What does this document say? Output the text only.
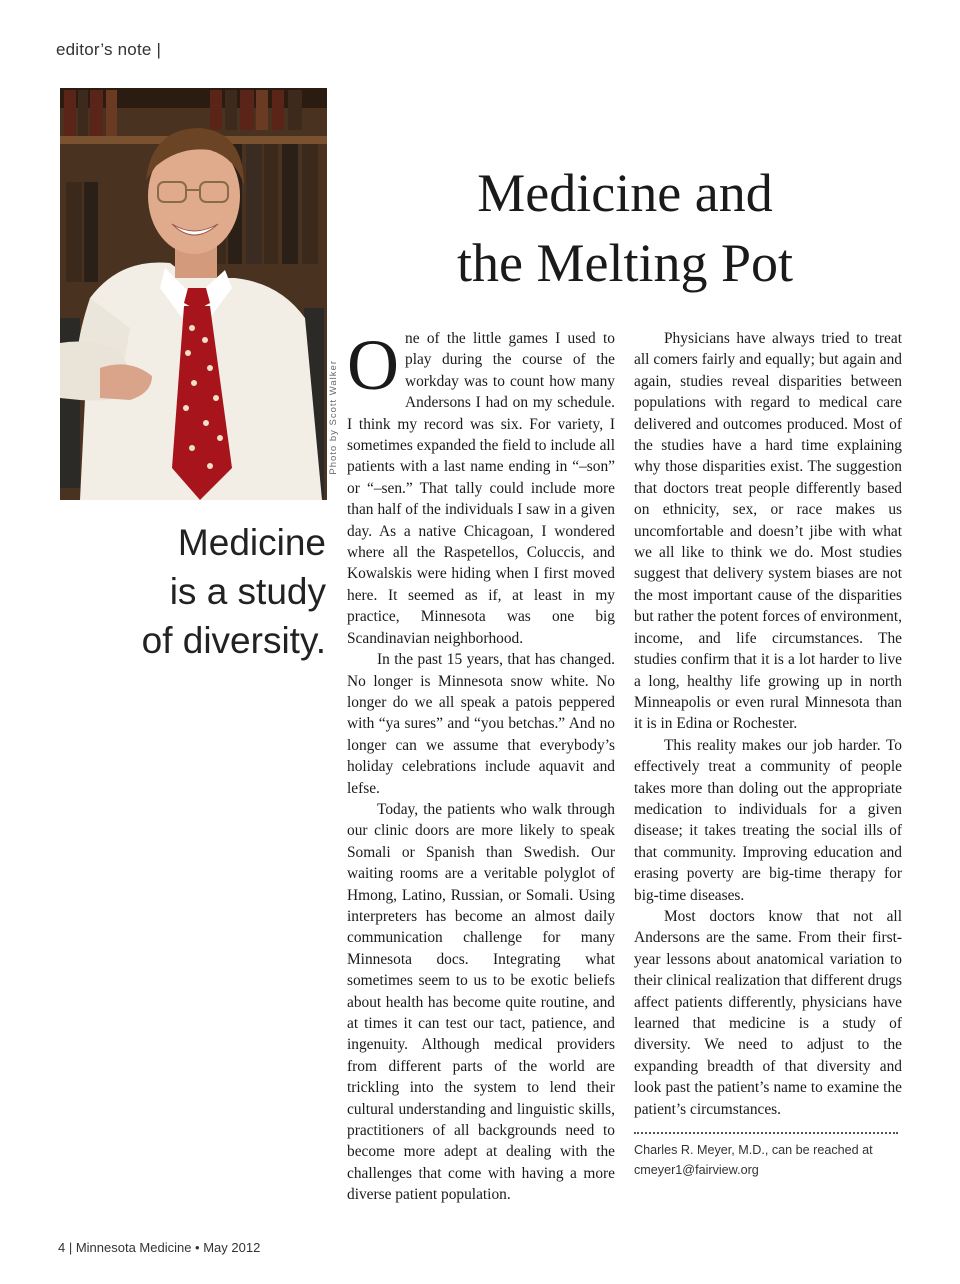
editor’s note |
Photo by Scott Walker
Medicine and
the Melting Pot

Medicine
is a study
of diversity.

One of the little games I used to play during the course of the workday was to count how many Andersons I had on my schedule. I think my record was six. For variety, I sometimes expanded the field to include all patients with a last name ending in “–son” or “–sen.” That tally could include more than half of the individuals I saw in a given day. As a native Chicagoan, I wondered where all the Raspetellos, Coluccis, and Kowalskis were hiding when I first moved here. It seemed as if, at least in my practice, Minnesota was one big Scandinavian neighborhood.

In the past 15 years, that has changed. No longer is Minnesota snow white. No longer do we all speak a patois peppered with “ya sures” and “you betchas.” And no longer can we assume that everybody’s holiday celebrations include aquavit and lefse.

Today, the patients who walk through our clinic doors are more likely to speak Somali or Spanish than Swedish. Our waiting rooms are a veritable polyglot of Hmong, Latino, Russian, or Somali. Using interpreters has become an almost daily communication challenge for many Minnesota docs. Integrating what sometimes seem to us to be exotic beliefs about health has become quite routine, and at times it can test our tact, patience, and ingenuity. Although medical providers from different parts of the world are trickling into the system to lend their cultural understanding and linguistic skills, practitioners of all backgrounds need to become more adept at dealing with the challenges that come with having a more diverse patient population.

Physicians have always tried to treat all comers fairly and equally; but again and again, studies reveal disparities between populations with regard to medical care delivered and outcomes produced. Most of the studies have a hard time explaining why those disparities exist. The suggestion that doctors treat people differently based on ethnicity, sex, or race makes us uncomfortable and doesn’t jibe with what we all like to think we do. Most studies suggest that delivery system biases are not the most important cause of the disparities but rather the potent forces of environment, income, and life circumstances. The studies confirm that it is a lot harder to live a long, healthy life growing up in north Minneapolis or even rural Minnesota than it is in Edina or Rochester.

This reality makes our job harder. To effectively treat a community of people takes more than doling out the appropriate medication to individuals for a given disease; it takes treating the social ills of that community. Improving education and erasing poverty are big-time therapy for big-time diseases.

Most doctors know that not all Andersons are the same. From their first-year lessons about anatomical variation to their clinical realization that different drugs affect patients differently, physicians have learned that medicine is a study of diversity. We need to adjust to the expanding breadth of that diversity and look past the patient’s name to examine the patient’s circumstances.

Charles R. Meyer, M.D., can be reached at
cmeyer1@fairview.org
4 | Minnesota Medicine • May 2012
